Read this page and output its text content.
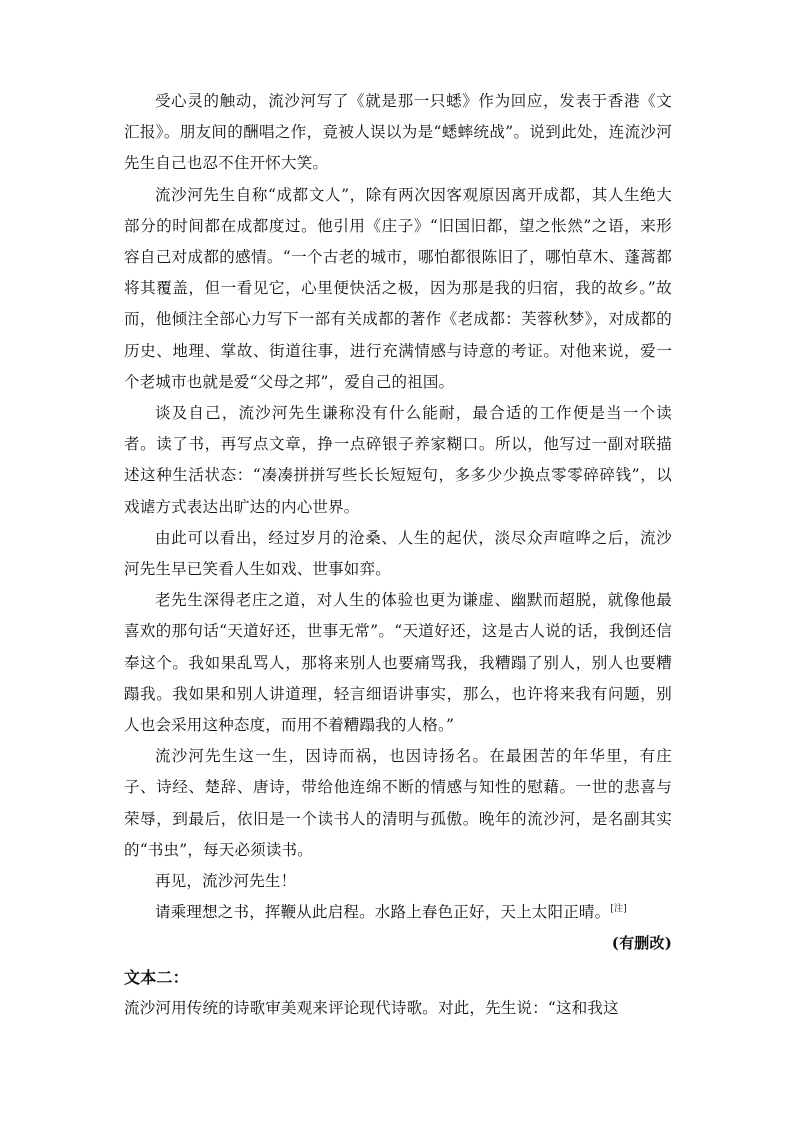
受心灵的触动，流沙河写了《就是那一只蟋》作为回应，发表于香港《文汇报》。朋友间的酬唱之作，竟被人误以为是“蟋蟀统战”。说到此处，连流沙河先生自己也忍不住开怀大笑。

流沙河先生自称“成都文人”，除有两次因客观原因离开成都，其人生绝大部分的时间都在成都度过。他引用《庄子》“旧国旧都，望之怅然”之语，来形容自己对成都的感情。“一个古老的城市，哪怕都很陈旧了，哪怕草木、蓬蒿都将其覆盖，但一看见它，心里便快活之极，因为那是我的归宿，我的故乡。”故而，他倾注全部心力写下一部有关成都的著作《老成都：芙蓉秋梦》，对成都的历史、地理、掌故、街道往事，进行充满情感与诗意的考证。对他来说，爱一个老城市也就是爱“父母之邦”，爱自己的祖国。

谈及自己，流沙河先生谦称没有什么能耐，最合适的工作便是当一个读者。读了书，再写点文章，挣一点碎银子养家糊口。所以，他写过一副对联描述这种生活状态：“凑凑拼拼写些长长短短句，多多少少换点零零碎碎钱”，以戏谑方式表达出旷达的内心世界。

由此可以看出，经过岁月的沧桑、人生的起伏，淡尽众声喧哗之后，流沙河先生早已笑看人生如戏、世事如弈。

老先生深得老庄之道，对人生的体验也更为谦虚、幽默而超脱，就像他最喜欢的那句话“天道好还，世事无常”。“天道好还，这是古人说的话，我倒还信奉这个。我如果乱骂人，那将来别人也要痛骂我，我糟蹋了别人，别人也要糟蹋我。我如果和别人讲道理，轻言细语讲事实，那么，也许将来我有问题，别人也会采用这种态度，而用不着糟蹋我的人格。”

流沙河先生这一生，因诗而祸，也因诗扬名。在最困苦的年华里，有庄子、诗经、楚辞、唐诗，带给他连绵不断的情感与知性的慰藉。一世的悲喜与荣辱，到最后，依旧是一个读书人的清明与孤傲。晚年的流沙河，是名副其实的“书虫”，每天必须读书。

再见，流沙河先生！

请乘理想之书，挥鞭从此启程。水路上春色正好，天上太阳正晴。[注]

(有删改)

文本二：

流沙河用传统的诗歌审美观来评论现代诗歌。对此，先生说：“这和我这
